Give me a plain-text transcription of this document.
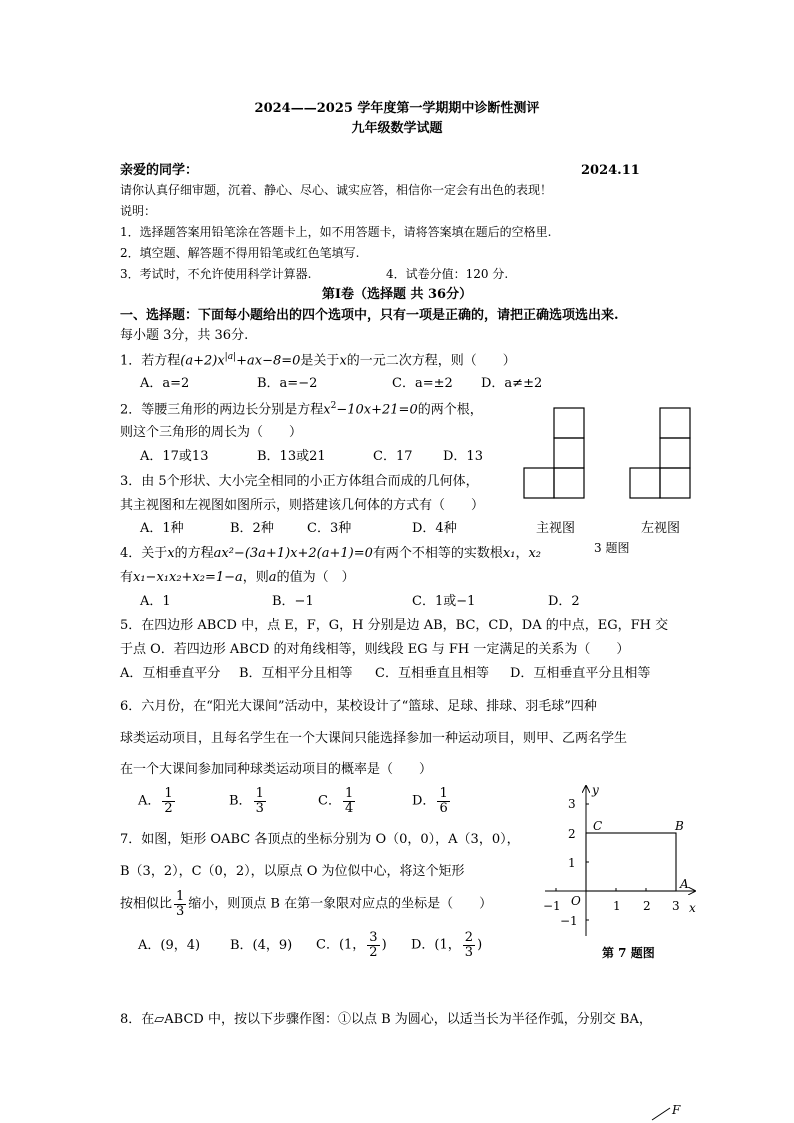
2024——2025 学年度第一学期期中诊断性测评
九年级数学试题
亲爱的同学：	2024.11
请你认真仔细审题，沉着、静心、尽心、诚实应答，相信你一定会有出色的表现！
说明：
1．选择题答案用铅笔涂在答题卡上，如不用答题卡，请将答案填在题后的空格里.
2．填空题、解答题不得用铅笔或红色笔填写.
3．考试时，不允许使用科学计算器.	4．试卷分值：120 分.
第Ⅰ卷（选择题 共 36分）
一、选择题：下面每小题给出的四个选项中，只有一项是正确的，请把正确选项选出来.
每小题 3分，共 36分.
1．若方程$(a+2)x^{|a|}+ax-8=0$是关于x的一元二次方程，则（　　）
A．a=2	B．a=−2	C．a=±2 D．a≠±2
2．等腰三角形的两边长分别是方程$x^2-10x+21=0$的两个根，
则这个三角形的周长为（　　）
A．17或13	B．13或21	C．17 D．13
3．由 5个形状、大小完全相同的小正方体组合而成的几何体，
其主视图和左视图如图所示，则搭建该几何体的方式有（　　）
A．1种	B．2种	C．3种	D．4种	主视图	左视图
4．关于x的方程ax²−(3a+1)x+2(a+1)=0有两个不相等的实数根x₁，x₂	3 题图
有x₁−x₁x₂+x₂=1−a，则a的值为（　）
A．1	B．−1	C．1或−1	D．2
5．在四边形 ABCD 中，点 E，F，G，H 分别是边 AB，BC，CD，DA 的中点，EG，FH 交
于点 O．若四边形 ABCD 的对角线相等，则线段 EG 与 FH 一定满足的关系为（　　）
A．互相垂直平分 B．互相平分且相等 C．互相垂直且相等 D．互相垂直平分且相等
6．六月份，在“阳光大课间”活动中，某校设计了“篮球、足球、排球、羽毛球”四种
球类运动项目，且每名学生在一个大课间只能选择参加一种运动项目，则甲、乙两名学生
在一个大课间参加同种球类运动项目的概率是（　　）
A． $\frac{1}{2}$	B． $\frac{1}{3}$	C． $\frac{1}{4}$	D． $\frac{1}{6}$
7．如图，矩形 OABC 各顶点的坐标分别为 O（0，0），A（3，0），
B（3，2），C（0，2），以原点 O 为位似中心，将这个矩形
按相似比 $\frac{1}{3}$ 缩小，则顶点 B 在第一象限对应点的坐标是（　　）
A．(9，4) B．(4，9) C．(1， $\frac{3}{2}$ ) D．(1， $\frac{2}{3}$ )
y
x
O
A
B
C
−1	1 2 3
3
2
1
−1
第 7 题图
8．在▱ABCD 中，按以下步骤作图：①以点 B 为圆心，以适当长为半径作弧，分别交 BA，
F
